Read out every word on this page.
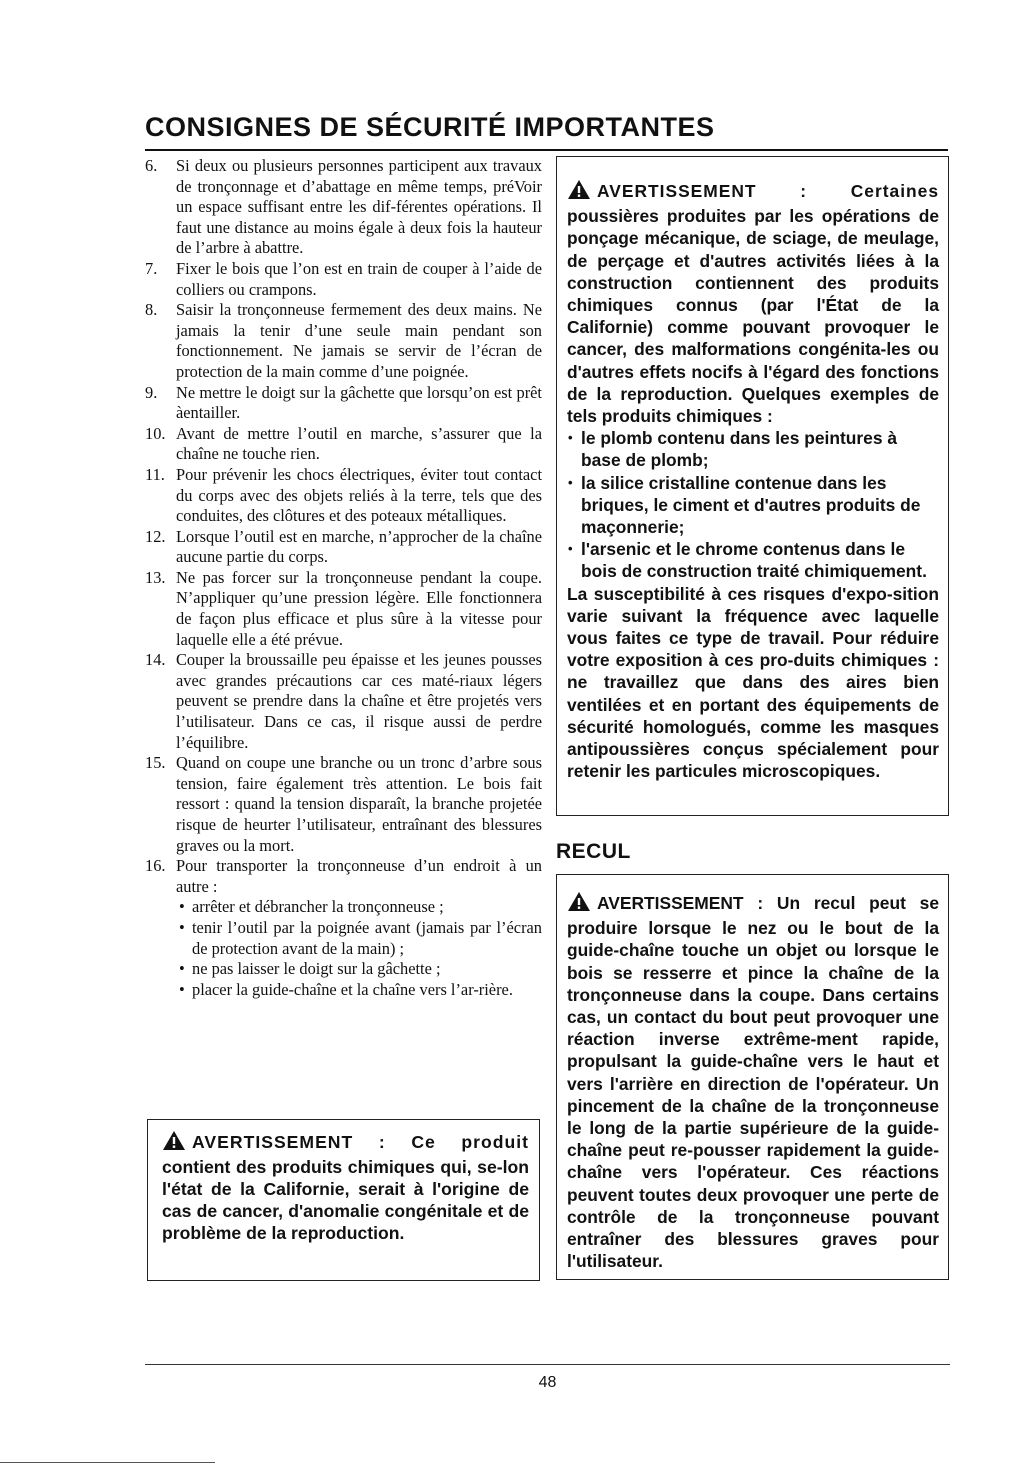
CONSIGNES DE SÉCURITÉ IMPORTANTES
6.	Si deux ou plusieurs personnes participent aux travaux de tronçonnage et d’abattage en même temps, préVoir un espace suffisant entre les dif-férentes opérations. Il faut une distance au moins égale à deux fois la hauteur de l’arbre à abattre.
7.	Fixer le bois que l’on est en train de couper à l’aide de colliers ou crampons.
8.	Saisir la tronçonneuse fermement des deux mains. Ne jamais la tenir d’une seule main pendant son fonctionnement. Ne jamais se servir de l’écran de protection de la main comme d’une poignée.
9.	Ne mettre le doigt sur la gâchette que lorsqu’on est prêt àentailler.
10. Avant de mettre l’outil en marche, s’assurer que la chaîne ne touche rien.
11. Pour prévenir les chocs électriques, éviter tout contact du corps avec des objets reliés à la terre, tels que des conduites, des clôtures et des poteaux métalliques.
12. Lorsque l’outil est en marche, n’approcher de la chaîne aucune partie du corps.
13. Ne pas forcer sur la tronçonneuse pendant la coupe. N’appliquer qu’une pression légère. Elle fonctionnera de façon plus efficace et plus sûre à la vitesse pour laquelle elle a été prévue.
14. Couper la broussaille peu épaisse et les jeunes pousses avec grandes précautions car ces maté-riaux légers peuvent se prendre dans la chaîne et être projetés vers l’utilisateur. Dans ce cas, il risque aussi de perdre l’équilibre.
15. Quand on coupe une branche ou un tronc d’arbre sous tension, faire également très attention. Le bois fait ressort : quand la tension disparaît, la branche projetée risque de heurter l’utilisateur, entraînant des blessures graves ou la mort.
16. Pour transporter la tronçonneuse d’un endroit à un autre :
• arrêter et débrancher la tronçonneuse ;
• tenir l’outil par la poignée avant (jamais par l’écran de protection avant de la main) ;
• ne pas laisser le doigt sur la gâchette ;
• placer la guide-chaîne et la chaîne vers l’ar-rière.
AVERTISSEMENT : Ce produit contient des produits chimiques qui, se-lon l'état de la Californie, serait à l'origine de cas de cancer, d'anomalie congénitale et de problème de la reproduction.
AVERTISSEMENT : Certaines poussières produites par les opérations de ponçage mécanique, de sciage, de meulage, de perçage et d'autres activités liées à la construction contiennent des produits chimiques connus (par l'État de la Californie) comme pouvant provoquer le cancer, des malformations congénita-les ou d'autres effets nocifs à l'égard des fonctions de la reproduction. Quelques exemples de tels produits chimiques :
• le plomb contenu dans les peintures à base de plomb;
• la silice cristalline contenue dans les briques, le ciment et d'autres produits de maçonnerie;
• l'arsenic et le chrome contenus dans le bois de construction traité chimiquement.
La susceptibilité à ces risques d'expo-sition varie suivant la fréquence avec laquelle vous faites ce type de travail. Pour réduire votre exposition à ces pro-duits chimiques : ne travaillez que dans des aires bien ventilées et en portant des équipements de sécurité homologués, comme les masques antipoussières conçus spécialement pour retenir les particules microscopiques.
RECUL
AVERTISSEMENT : Un recul peut se produire lorsque le nez ou le bout de la guide-chaîne touche un objet ou lorsque le bois se resserre et pince la chaîne de la tronçonneuse dans la coupe. Dans certains cas, un contact du bout peut provoquer une réaction inverse extrême-ment rapide, propulsant la guide-chaîne vers le haut et vers l'arrière en direction de l'opérateur. Un pincement de la chaîne de la tronçonneuse le long de la partie supérieure de la guide-chaîne peut re-pousser rapidement la guide-chaîne vers l'opérateur. Ces réactions peuvent toutes deux provoquer une perte de contrôle de la tronçonneuse pouvant entraîner des blessures graves pour l'utilisateur.
48
